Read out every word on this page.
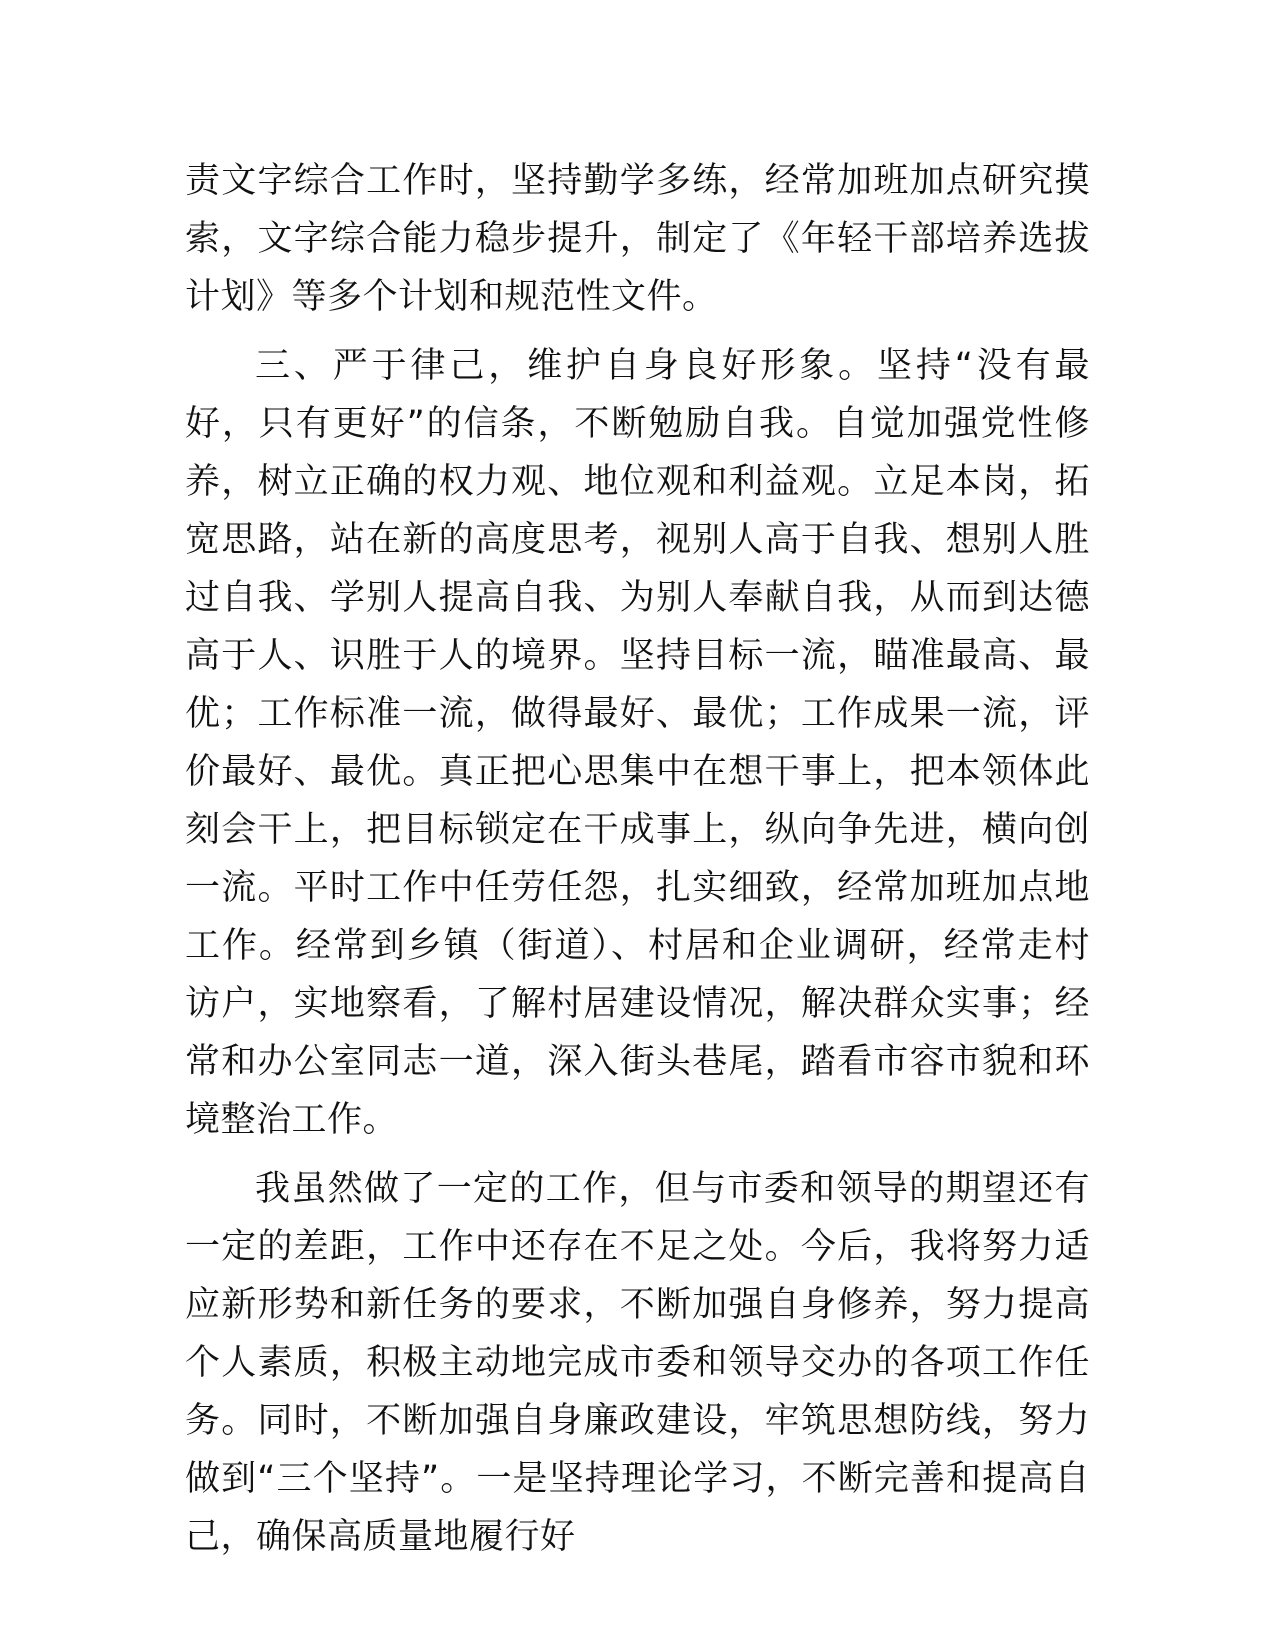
责文字综合工作时，坚持勤学多练，经常加班加点研究摸索，文字综合能力稳步提升，制定了《年轻干部培养选拔计划》等多个计划和规范性文件。

三、严于律己，维护自身良好形象。坚持“没有最好，只有更好”的信条，不断勉励自我。自觉加强党性修养，树立正确的权力观、地位观和利益观。立足本岗，拓宽思路，站在新的高度思考，视别人高于自我、想别人胜过自我、学别人提高自我、为别人奉献自我，从而到达德高于人、识胜于人的境界。坚持目标一流，瞄准最高、最优；工作标准一流，做得最好、最优；工作成果一流，评价最好、最优。真正把心思集中在想干事上，把本领体此刻会干上，把目标锁定在干成事上，纵向争先进，横向创一流。平时工作中任劳任怨，扎实细致，经常加班加点地工作。经常到乡镇（街道）、村居和企业调研，经常走村访户，实地察看，了解村居建设情况，解决群众实事；经常和办公室同志一道，深入街头巷尾，踏看市容市貌和环境整治工作。

我虽然做了一定的工作，但与市委和领导的期望还有一定的差距，工作中还存在不足之处。今后，我将努力适应新形势和新任务的要求，不断加强自身修养，努力提高个人素质，积极主动地完成市委和领导交办的各项工作任务。同时，不断加强自身廉政建设，牢筑思想防线，努力做到“三个坚持”。一是坚持理论学习，不断完善和提高自己，确保高质量地履行好
